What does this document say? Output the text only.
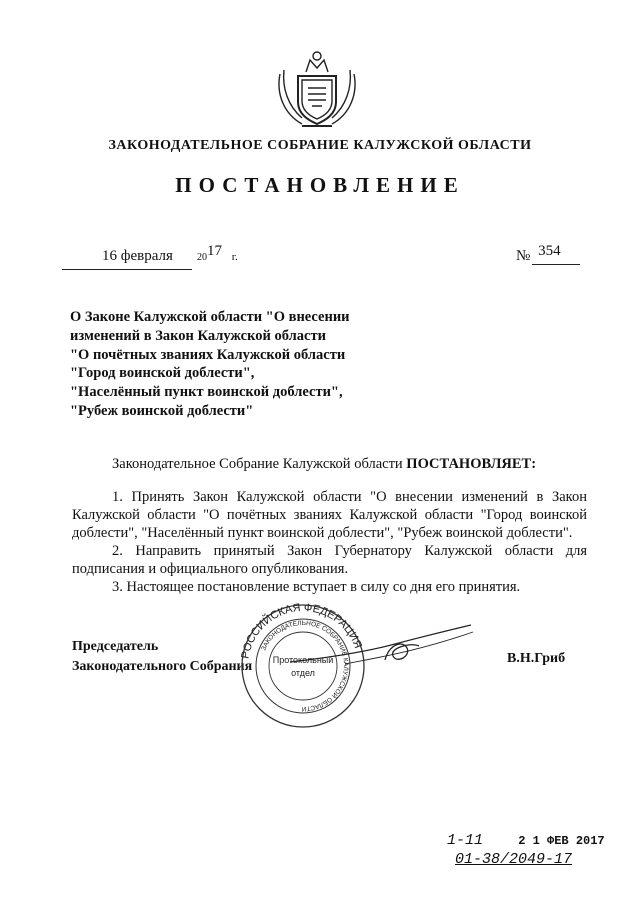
ЗАКОНОДАТЕЛЬНОЕ СОБРАНИЕ КАЛУЖСКОЙ ОБЛАСТИ
ПОСТАНОВЛЕНИЕ
16 февраля 2017 г.	№ 354
О Законе Калужской области "О внесении
изменений в Закон Калужской области
"О почётных званиях Калужской области
"Город воинской доблести",
"Населённый пункт воинской доблести",
"Рубеж воинской доблести"

Законодательное Собрание Калужской области ПОСТАНОВЛЯЕТ:

1. Принять Закон Калужской области "О внесении изменений в Закон Калужской области "О почётных званиях Калужской области "Город воинской доблести", "Населённый пункт воинской доблести", "Рубеж воинской доблести".

2. Направить принятый Закон Губернатору Калужской области для подписания и официального опубликования.

3. Настоящее постановление вступает в силу со дня его принятия.

Председатель
Законодательного Собрания
В.Н.Гриб
РОССИЙСКАЯ ФЕДЕРАЦИЯ
ЗАКОНОДАТЕЛЬНОЕ СОБРАНИЕ КАЛУЖСКОЙ ОБЛАСТИ
Протокольный
отдел
1-11	2 1 ФЕВ 2017
01-38/2049-17
